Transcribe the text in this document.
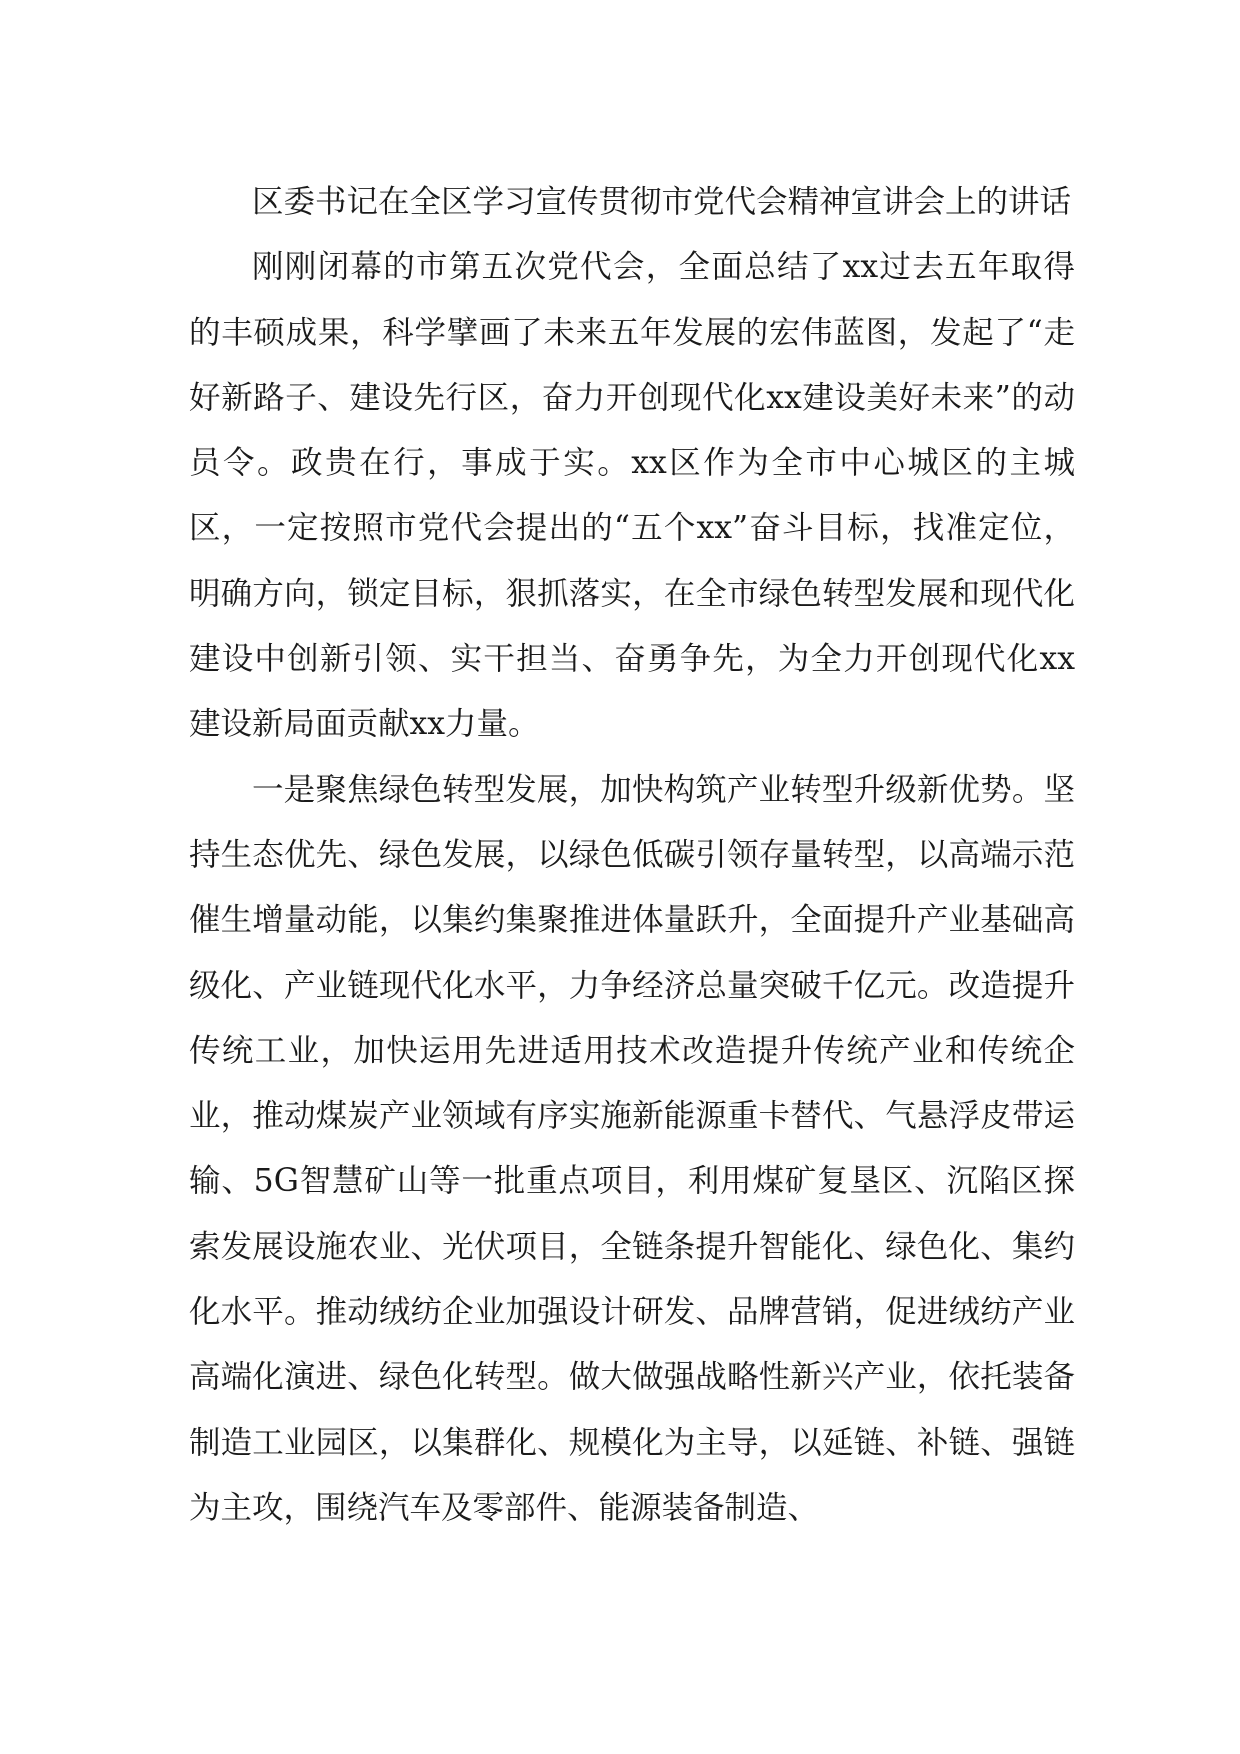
区委书记在全区学习宣传贯彻市党代会精神宣讲会上的讲话

刚刚闭幕的市第五次党代会，全面总结了xx过去五年取得的丰硕成果，科学擘画了未来五年发展的宏伟蓝图，发起了“走好新路子、建设先行区，奋力开创现代化xx建设美好未来”的动员令。政贵在行，事成于实。xx区作为全市中心城区的主城区，一定按照市党代会提出的“五个xx”奋斗目标，找准定位，明确方向，锁定目标，狠抓落实，在全市绿色转型发展和现代化建设中创新引领、实干担当、奋勇争先，为全力开创现代化xx建设新局面贡献xx力量。

一是聚焦绿色转型发展，加快构筑产业转型升级新优势。坚持生态优先、绿色发展，以绿色低碳引领存量转型，以高端示范催生增量动能，以集约集聚推进体量跃升，全面提升产业基础高级化、产业链现代化水平，力争经济总量突破千亿元。改造提升传统工业，加快运用先进适用技术改造提升传统产业和传统企业，推动煤炭产业领域有序实施新能源重卡替代、气悬浮皮带运输、5G智慧矿山等一批重点项目，利用煤矿复垦区、沉陷区探索发展设施农业、光伏项目，全链条提升智能化、绿色化、集约化水平。推动绒纺企业加强设计研发、品牌营销，促进绒纺产业高端化演进、绿色化转型。做大做强战略性新兴产业，依托装备制造工业园区，以集群化、规模化为主导，以延链、补链、强链为主攻，围绕汽车及零部件、能源装备制造、
